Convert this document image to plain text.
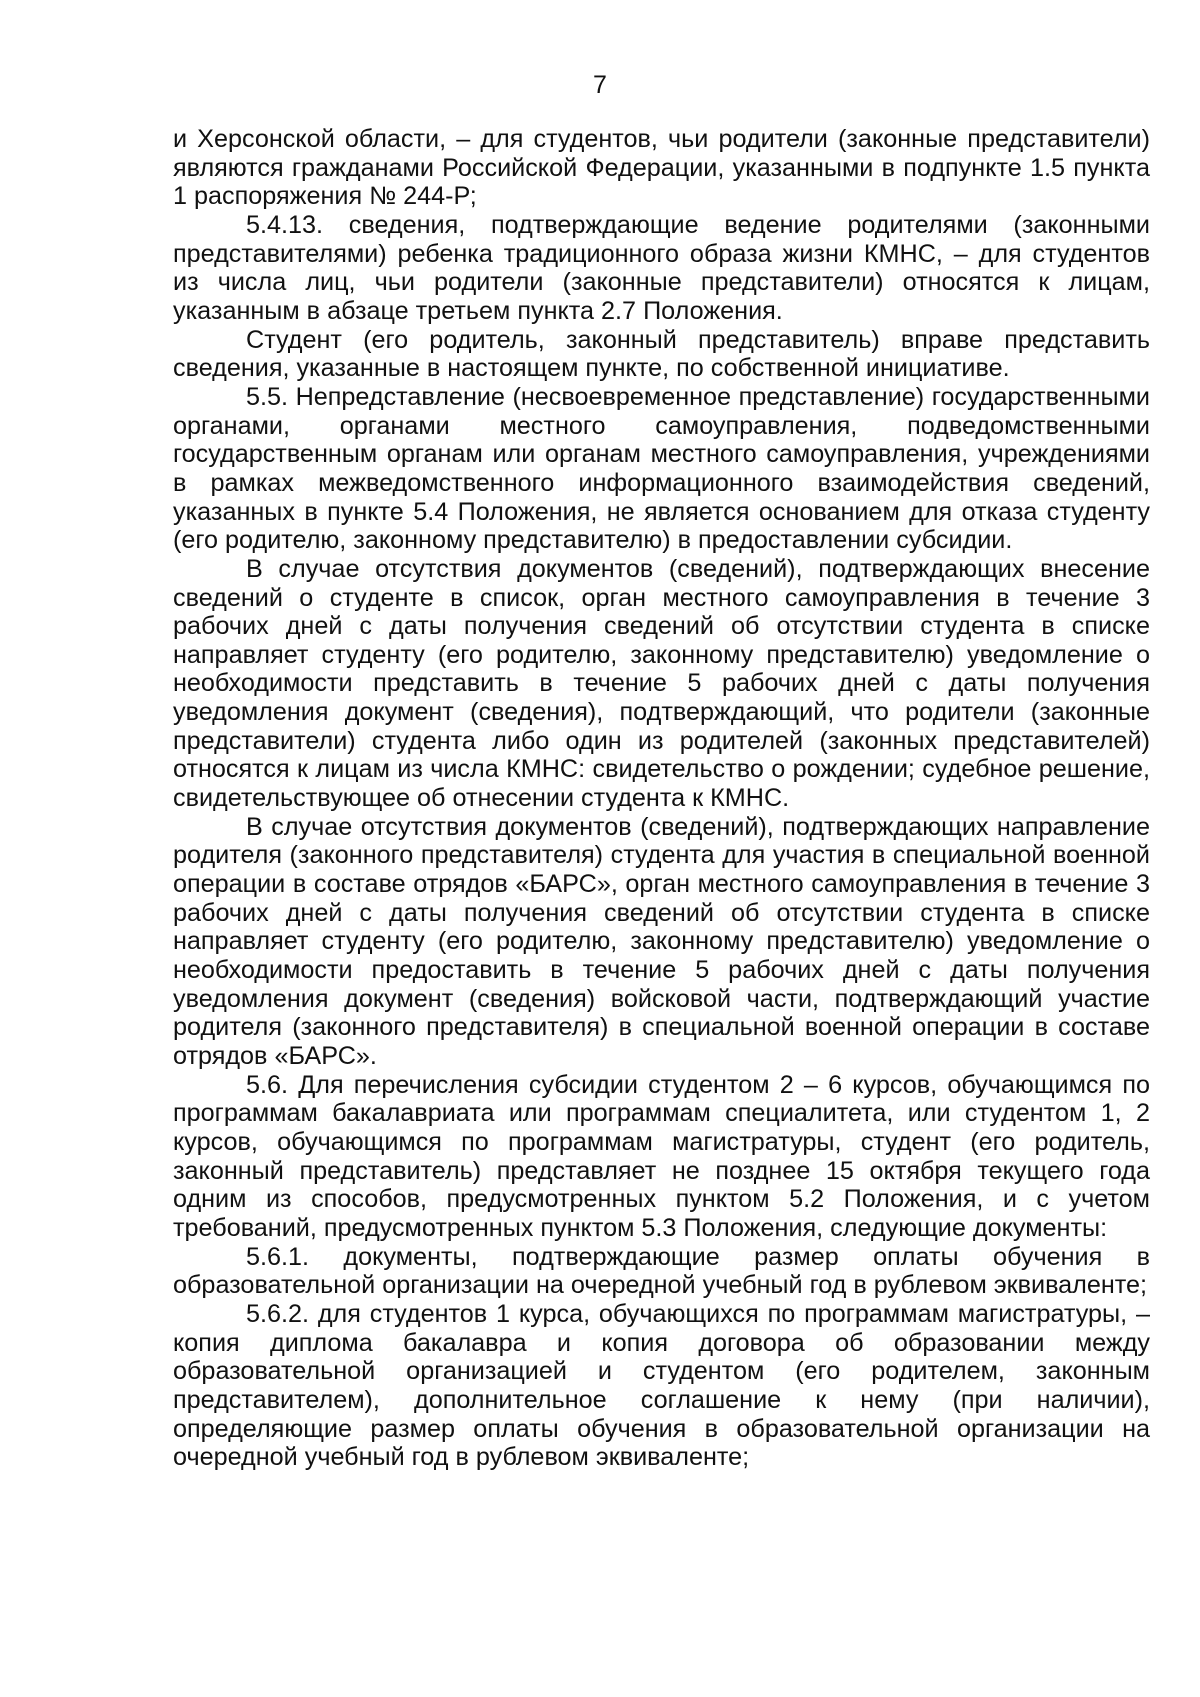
7

и Херсонской области, – для студентов, чьи родители (законные представители) являются гражданами Российской Федерации, указанными в подпункте 1.5 пункта 1 распоряжения № 244-Р;

5.4.13. сведения, подтверждающие ведение родителями (законными представителями) ребенка традиционного образа жизни КМНС, – для студентов из числа лиц, чьи родители (законные представители) относятся к лицам, указанным в абзаце третьем пункта 2.7 Положения.

Студент (его родитель, законный представитель) вправе представить сведения, указанные в настоящем пункте, по собственной инициативе.

5.5. Непредставление (несвоевременное представление) государственными органами, органами местного самоуправления, подведомственными государственным органам или органам местного самоуправления, учреждениями в рамках межведомственного информационного взаимодействия сведений, указанных в пункте 5.4 Положения, не является основанием для отказа студенту (его родителю, законному представителю) в предоставлении субсидии.

В случае отсутствия документов (сведений), подтверждающих внесение сведений о студенте в список, орган местного самоуправления в течение 3 рабочих дней с даты получения сведений об отсутствии студента в списке направляет студенту (его родителю, законному представителю) уведомление о необходимости представить в течение 5 рабочих дней с даты получения уведомления документ (сведения), подтверждающий, что родители (законные представители) студента либо один из родителей (законных представителей) относятся к лицам из числа КМНС: свидетельство о рождении; судебное решение, свидетельствующее об отнесении студента к КМНС.

В случае отсутствия документов (сведений), подтверждающих направление родителя (законного представителя) студента для участия в специальной военной операции в составе отрядов «БАРС», орган местного самоуправления в течение 3 рабочих дней с даты получения сведений об отсутствии студента в списке направляет студенту (его родителю, законному представителю) уведомление о необходимости предоставить в течение 5 рабочих дней с даты получения уведомления документ (сведения) войсковой части, подтверждающий участие родителя (законного представителя) в специальной военной операции в составе отрядов «БАРС».

5.6. Для перечисления субсидии студентом 2 – 6 курсов, обучающимся по программам бакалавриата или программам специалитета, или студентом 1, 2 курсов, обучающимся по программам магистратуры, студент (его родитель, законный представитель) представляет не позднее 15 октября текущего года одним из способов, предусмотренных пунктом 5.2 Положения, и с учетом требований, предусмотренных пунктом 5.3 Положения, следующие документы:

5.6.1. документы, подтверждающие размер оплаты обучения в образовательной организации на очередной учебный год в рублевом эквиваленте;

5.6.2. для студентов 1 курса, обучающихся по программам магистратуры, – копия диплома бакалавра и копия договора об образовании между образовательной организацией и студентом (его родителем, законным представителем), дополнительное соглашение к нему (при наличии), определяющие размер оплаты обучения в образовательной организации на очередной учебный год в рублевом эквиваленте;
